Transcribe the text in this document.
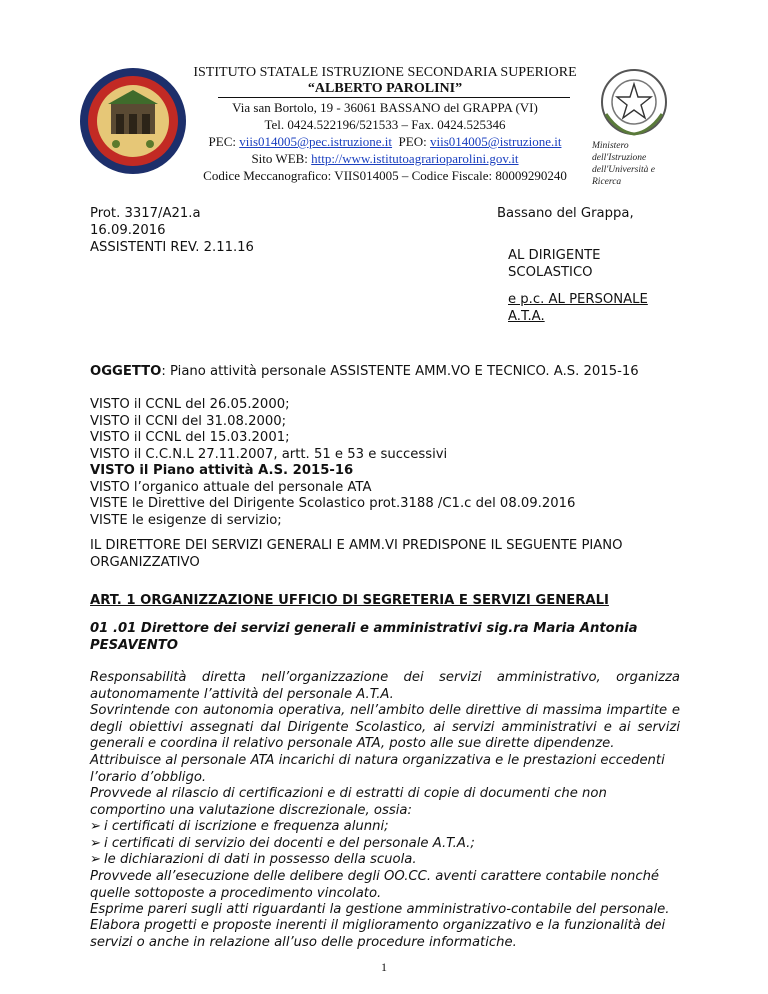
ISTITUTO STATALE ISTRUZIONE SECONDARIA SUPERIORE
“ALBERTO PAROLINI”
Via san Bortolo, 19 - 36061 BASSANO del GRAPPA (VI)
Tel. 0424.522196/521533 – Fax. 0424.525346
PEC: viis014005@pec.istruzione.it PEO: viis014005@istruzione.it
Sito WEB: http://www.istitutoagrarioparolini.gov.it
Codice Meccanografico: VIIS014005 – Codice Fiscale: 80009290240
Ministero dell'Istruzione dell'Università e Ricerca
Prot. 3317/A21.a
16.09.2016
ASSISTENTI REV. 2.11.16
Bassano del Grappa,
AL DIRIGENTE
SCOLASTICO
e p.c. AL PERSONALE
A.T.A.
OGGETTO: Piano attività personale ASSISTENTE AMM.VO E TECNICO. A.S. 2015-16
VISTO il CCNL del 26.05.2000;
VISTO il CCNI del 31.08.2000;
VISTO il CCNL del 15.03.2001;
VISTO il C.C.N.L 27.11.2007, artt. 51 e 53 e successivi
VISTO il Piano attività A.S. 2015-16
VISTO l’organico attuale del personale ATA
VISTE le Direttive del Dirigente Scolastico prot.3188 /C1.c del 08.09.2016
VISTE le esigenze di servizio;
IL DIRETTORE DEI SERVIZI GENERALI E AMM.VI PREDISPONE IL SEGUENTE PIANO
ORGANIZZATIVO
ART. 1 ORGANIZZAZIONE UFFICIO DI SEGRETERIA E SERVIZI GENERALI
01 .01 Direttore dei servizi generali e amministrativi sig.ra Maria Antonia
PESAVENTO
Responsabilità diretta nell’organizzazione dei servizi amministrativo, organizza autonomamente l’attività del personale A.T.A.
Sovrintende con autonomia operativa, nell’ambito delle direttive di massima impartite e degli obiettivi assegnati dal Dirigente Scolastico, ai servizi amministrativi e ai servizi generali e coordina il relativo personale ATA, posto alle sue dirette dipendenze.
Attribuisce al personale ATA incarichi di natura organizzativa e le prestazioni eccedenti l’orario d’obbligo.
Provvede al rilascio di certificazioni e di estratti di copie di documenti che non comportino una valutazione discrezionale, ossia:
➢ i certificati di iscrizione e frequenza alunni;
➢ i certificati di servizio dei docenti e del personale A.T.A.;
➢ le dichiarazioni di dati in possesso della scuola.
Provvede all’esecuzione delle delibere degli OO.CC. aventi carattere contabile nonché quelle sottoposte a procedimento vincolato.
Esprime pareri sugli atti riguardanti la gestione amministrativo-contabile del personale.
Elabora progetti e proposte inerenti il miglioramento organizzativo e la funzionalità dei servizi o anche in relazione all’uso delle procedure informatiche.
1
